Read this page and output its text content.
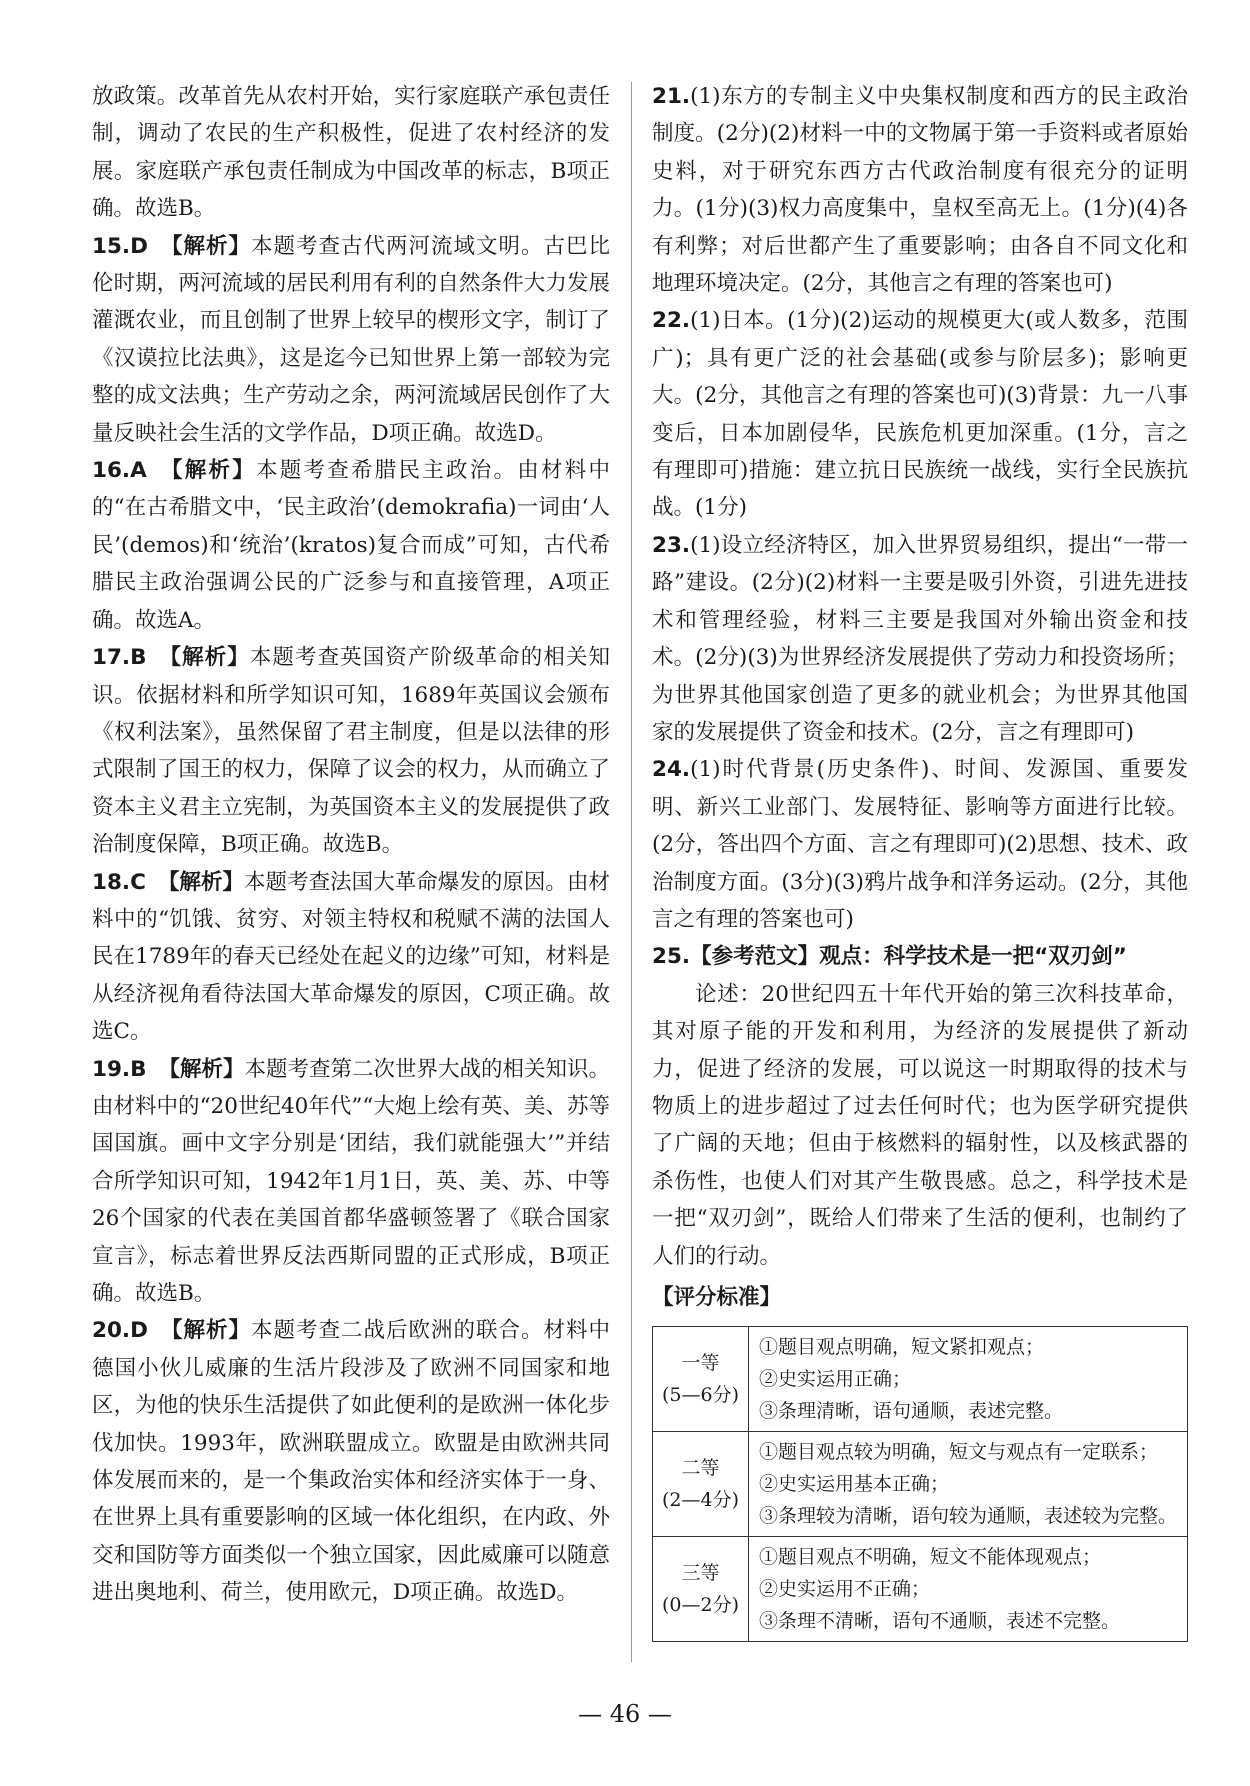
放政策。改革首先从农村开始，实行家庭联产承包责任制，调动了农民的生产积极性，促进了农村经济的发展。家庭联产承包责任制成为中国改革的标志，B项正确。故选B。

15.D 【解析】本题考查古代两河流域文明。古巴比伦时期，两河流域的居民利用有利的自然条件大力发展灌溉农业，而且创制了世界上较早的楔形文字，制订了《汉谟拉比法典》，这是迄今已知世界上第一部较为完整的成文法典；生产劳动之余，两河流域居民创作了大量反映社会生活的文学作品，D项正确。故选D。

16.A 【解析】本题考查希腊民主政治。由材料中的“在古希腊文中，‘民主政治’(demokrafia)一词由‘人民’(demos)和‘统治’(kratos)复合而成”可知，古代希腊民主政治强调公民的广泛参与和直接管理，A项正确。故选A。

17.B 【解析】本题考查英国资产阶级革命的相关知识。依据材料和所学知识可知，1689年英国议会颁布《权利法案》，虽然保留了君主制度，但是以法律的形式限制了国王的权力，保障了议会的权力，从而确立了资本主义君主立宪制，为英国资本主义的发展提供了政治制度保障，B项正确。故选B。

18.C 【解析】本题考查法国大革命爆发的原因。由材料中的“饥饿、贫穷、对领主特权和税赋不满的法国人民在1789年的春天已经处在起义的边缘”可知，材料是从经济视角看待法国大革命爆发的原因，C项正确。故选C。

19.B 【解析】本题考查第二次世界大战的相关知识。由材料中的“20世纪40年代”“大炮上绘有英、美、苏等国国旗。画中文字分别是‘团结，我们就能强大’”并结合所学知识可知，1942年1月1日，英、美、苏、中等26个国家的代表在美国首都华盛顿签署了《联合国家宣言》，标志着世界反法西斯同盟的正式形成，B项正确。故选B。

20.D 【解析】本题考查二战后欧洲的联合。材料中德国小伙儿威廉的生活片段涉及了欧洲不同国家和地区，为他的快乐生活提供了如此便利的是欧洲一体化步伐加快。1993年，欧洲联盟成立。欧盟是由欧洲共同体发展而来的，是一个集政治实体和经济实体于一身、在世界上具有重要影响的区域一体化组织，在内政、外交和国防等方面类似一个独立国家，因此威廉可以随意进出奥地利、荷兰，使用欧元，D项正确。故选D。

21.(1)东方的专制主义中央集权制度和西方的民主政治制度。(2分)(2)材料一中的文物属于第一手资料或者原始史料，对于研究东西方古代政治制度有很充分的证明力。(1分)(3)权力高度集中，皇权至高无上。(1分)(4)各有利弊；对后世都产生了重要影响；由各自不同文化和地理环境决定。(2分，其他言之有理的答案也可)

22.(1)日本。(1分)(2)运动的规模更大(或人数多，范围广)；具有更广泛的社会基础(或参与阶层多)；影响更大。(2分，其他言之有理的答案也可)(3)背景：九一八事变后，日本加剧侵华，民族危机更加深重。(1分，言之有理即可)措施：建立抗日民族统一战线，实行全民族抗战。(1分)

23.(1)设立经济特区，加入世界贸易组织，提出“一带一路”建设。(2分)(2)材料一主要是吸引外资，引进先进技术和管理经验，材料三主要是我国对外输出资金和技术。(2分)(3)为世界经济发展提供了劳动力和投资场所；为世界其他国家创造了更多的就业机会；为世界其他国家的发展提供了资金和技术。(2分，言之有理即可)

24.(1)时代背景(历史条件)、时间、发源国、重要发明、新兴工业部门、发展特征、影响等方面进行比较。(2分，答出四个方面、言之有理即可)(2)思想、技术、政治制度方面。(3分)(3)鸦片战争和洋务运动。(2分，其他言之有理的答案也可)

25.【参考范文】观点：科学技术是一把“双刃剑”

论述：20世纪四五十年代开始的第三次科技革命，其对原子能的开发和利用，为经济的发展提供了新动力，促进了经济的发展，可以说这一时期取得的技术与物质上的进步超过了过去任何时代；也为医学研究提供了广阔的天地；但由于核燃料的辐射性，以及核武器的杀伤性，也使人们对其产生敬畏感。总之，科学技术是一把“双刃剑”，既给人们带来了生活的便利，也制约了人们的行动。

【评分标准】
一等
(5—6分)	①题目观点明确，短文紧扣观点；
②史实运用正确；
③条理清晰，语句通顺，表述完整。

二等
(2—4分)	①题目观点较为明确，短文与观点有一定联系；
②史实运用基本正确；
③条理较为清晰，语句较为通顺，表述较为完整。

三等
(0—2分)	①题目观点不明确，短文不能体现观点；
②史实运用不正确；
③条理不清晰，语句不通顺，表述不完整。
— 46 —
